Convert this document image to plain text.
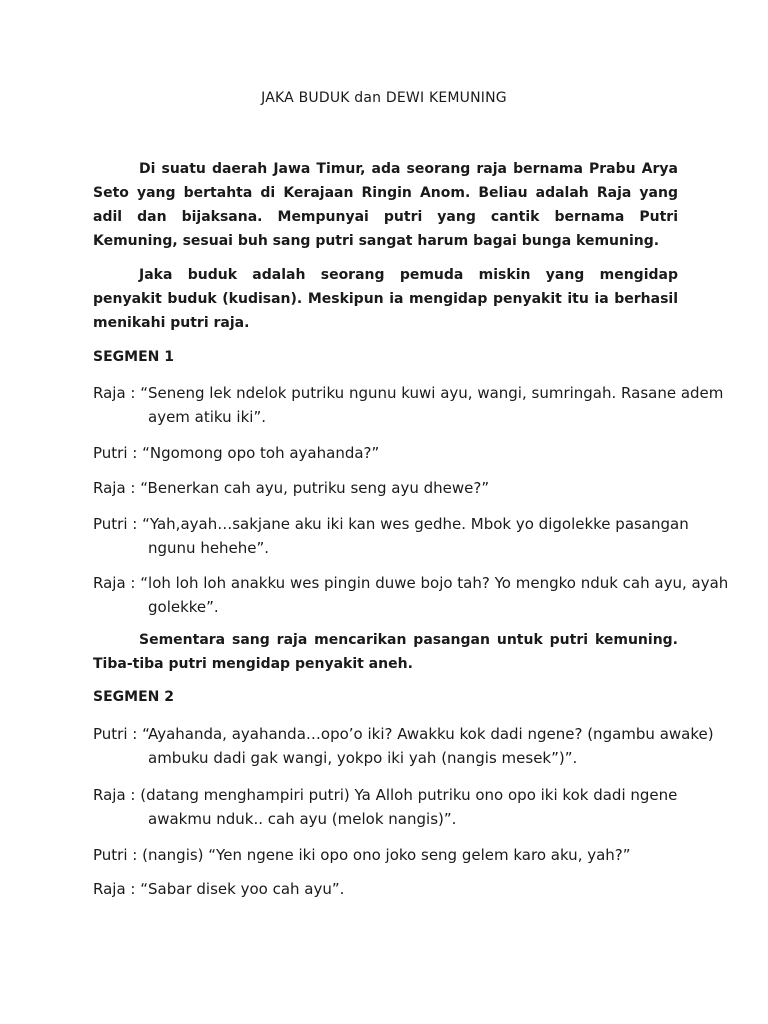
JAKA BUDUK dan DEWI KEMUNING
Di suatu daerah Jawa Timur, ada seorang raja bernama Prabu Arya Seto yang bertahta di Kerajaan Ringin Anom. Beliau adalah Raja yang adil dan bijaksana. Mempunyai putri yang cantik bernama Putri Kemuning, sesuai buh sang putri sangat harum bagai bunga kemuning.
Jaka buduk adalah seorang pemuda miskin yang mengidap penyakit buduk (kudisan). Meskipun ia mengidap penyakit itu ia berhasil menikahi putri raja.
SEGMEN 1
Raja : “Seneng lek ndelok putriku ngunu kuwi ayu, wangi, sumringah. Rasane adem ayem atiku iki”.
Putri : “Ngomong opo toh ayahanda?”
Raja : “Benerkan cah ayu, putriku seng ayu dhewe?”
Putri : “Yah,ayah…sakjane aku iki kan wes gedhe. Mbok yo digolekke pasangan ngunu hehehe”.
Raja : “loh loh loh anakku wes pingin duwe bojo tah? Yo mengko nduk cah ayu, ayah golekke”.
Sementara sang raja mencarikan pasangan untuk putri kemuning. Tiba-tiba putri mengidap penyakit aneh.
SEGMEN 2
Putri : “Ayahanda, ayahanda…opo’o iki? Awakku kok dadi ngene? (ngambu awake) ambuku dadi gak wangi, yokpo iki yah (nangis mesek”)”.
Raja : (datang menghampiri putri) Ya Alloh putriku ono opo iki kok dadi ngene awakmu nduk.. cah ayu (melok nangis)”.
Putri : (nangis) “Yen ngene iki opo ono joko seng gelem karo aku, yah?”
Raja : “Sabar disek yoo cah ayu”.
